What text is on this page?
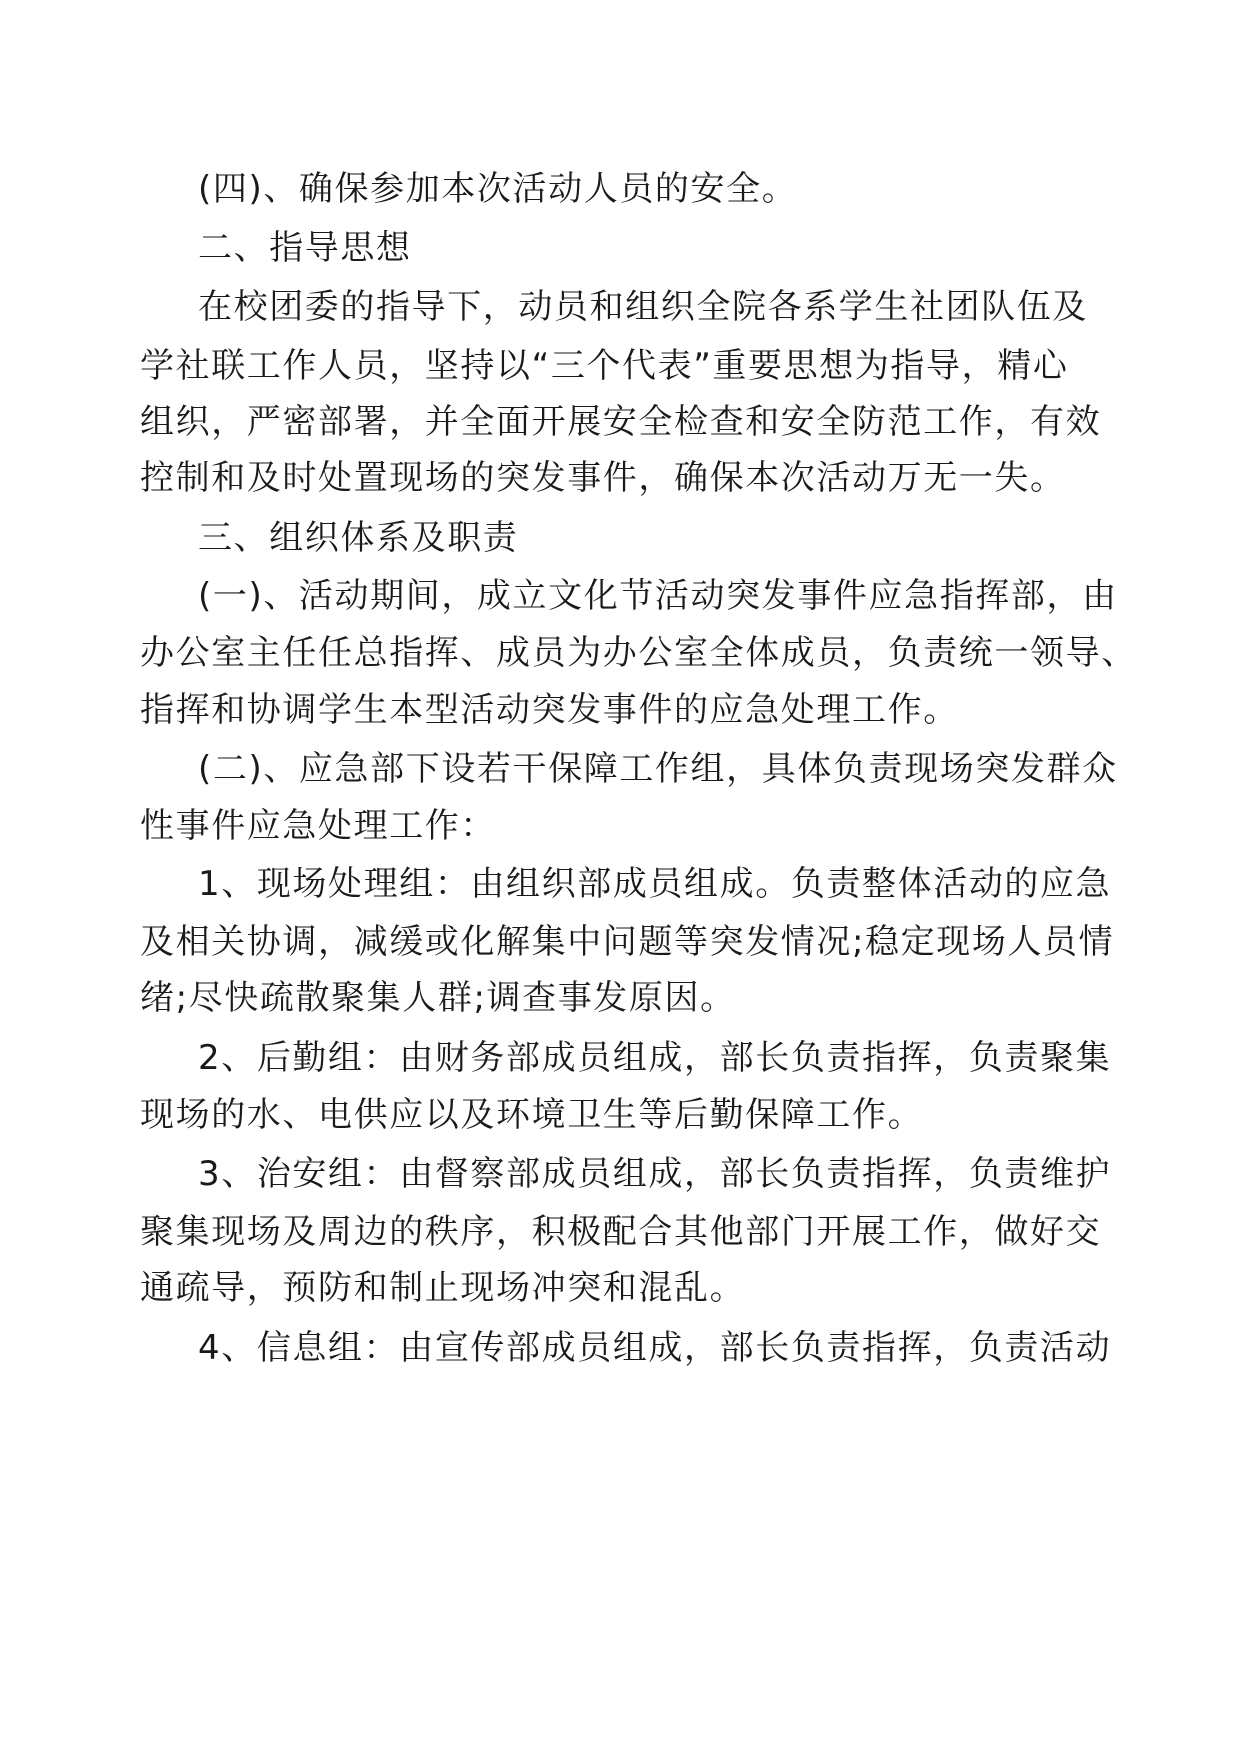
(四)、确保参加本次活动人员的安全。

二、指导思想

在校团委的指导下，动员和组织全院各系学生社团队伍及

学社联工作人员，坚持以“三个代表”重要思想为指导，精心

组织，严密部署，并全面开展安全检查和安全防范工作，有效

控制和及时处置现场的突发事件，确保本次活动万无一失。

三、组织体系及职责

(一)、活动期间，成立文化节活动突发事件应急指挥部，由

办公室主任任总指挥、成员为办公室全体成员，负责统一领导、

指挥和协调学生本型活动突发事件的应急处理工作。

(二)、应急部下设若干保障工作组，具体负责现场突发群众

性事件应急处理工作：

1、现场处理组：由组织部成员组成。负责整体活动的应急

及相关协调，减缓或化解集中问题等突发情况;稳定现场人员情

绪;尽快疏散聚集人群;调查事发原因。

2、后勤组：由财务部成员组成，部长负责指挥，负责聚集

现场的水、电供应以及环境卫生等后勤保障工作。

3、治安组：由督察部成员组成，部长负责指挥，负责维护

聚集现场及周边的秩序，积极配合其他部门开展工作，做好交

通疏导，预防和制止现场冲突和混乱。

4、信息组：由宣传部成员组成，部长负责指挥，负责活动
